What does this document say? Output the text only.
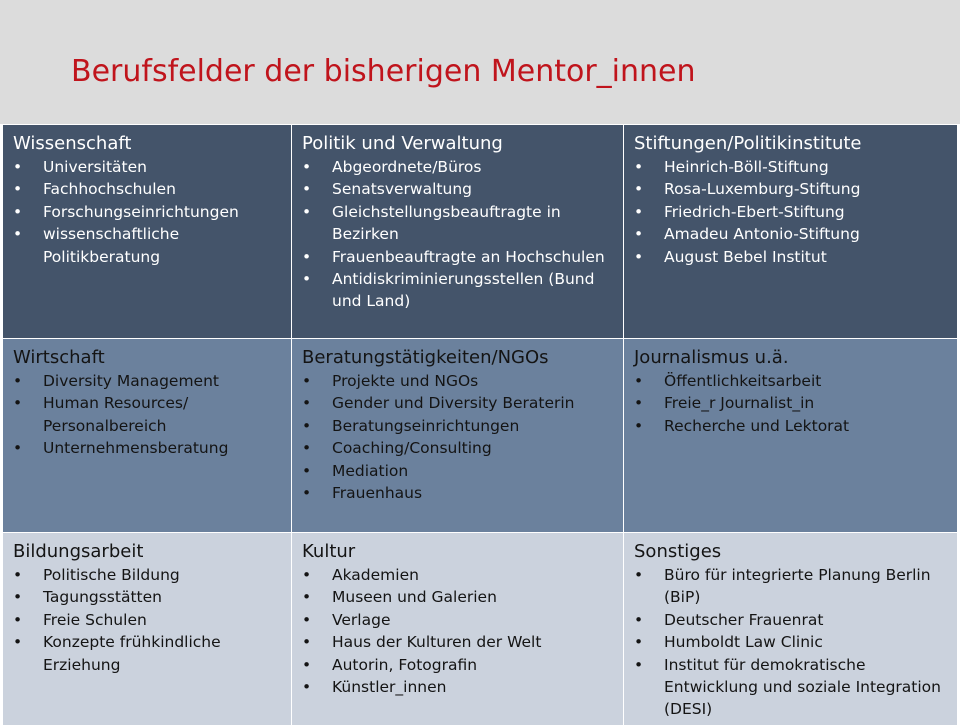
Berufsfelder der bisherigen Mentor_innen
Wissenschaft
•	Universitäten
•	Fachhochschulen
•	Forschungseinrichtungen
•	wissenschaftliche Politikberatung
Politik und Verwaltung
•	Abgeordnete/Büros
•	Senatsverwaltung
•	Gleichstellungsbeauftragte in Bezirken
•	Frauenbeauftragte an Hochschulen
•	Antidiskriminierungsstellen (Bund und Land)
Stiftungen/Politikinstitute
•	Heinrich-Böll-Stiftung
•	Rosa-Luxemburg-Stiftung
•	Friedrich-Ebert-Stiftung
•	Amadeu Antonio-Stiftung
•	August Bebel Institut
Wirtschaft
•	Diversity Management
•	Human Resources/ Personalbereich
•	Unternehmensberatung
Beratungstätigkeiten/NGOs
•	Projekte und NGOs
•	Gender und Diversity Beraterin
•	Beratungseinrichtungen
•	Coaching/Consulting
•	Mediation
•	Frauenhaus
Journalismus u.ä.
•	Öffentlichkeitsarbeit
•	Freie_r Journalist_in
•	Recherche und Lektorat
Bildungsarbeit
•	Politische Bildung
•	Tagungsstätten
•	Freie Schulen
•	Konzepte frühkindliche Erziehung
Kultur
•	Akademien
•	Museen und Galerien
•	Verlage
•	Haus der Kulturen der Welt
•	Autorin, Fotografin
•	Künstler_innen
Sonstiges
•	Büro für integrierte Planung Berlin (BiP)
•	Deutscher Frauenrat
•	Humboldt Law Clinic
•	Institut für demokratische Entwicklung und soziale Integration (DESI)
